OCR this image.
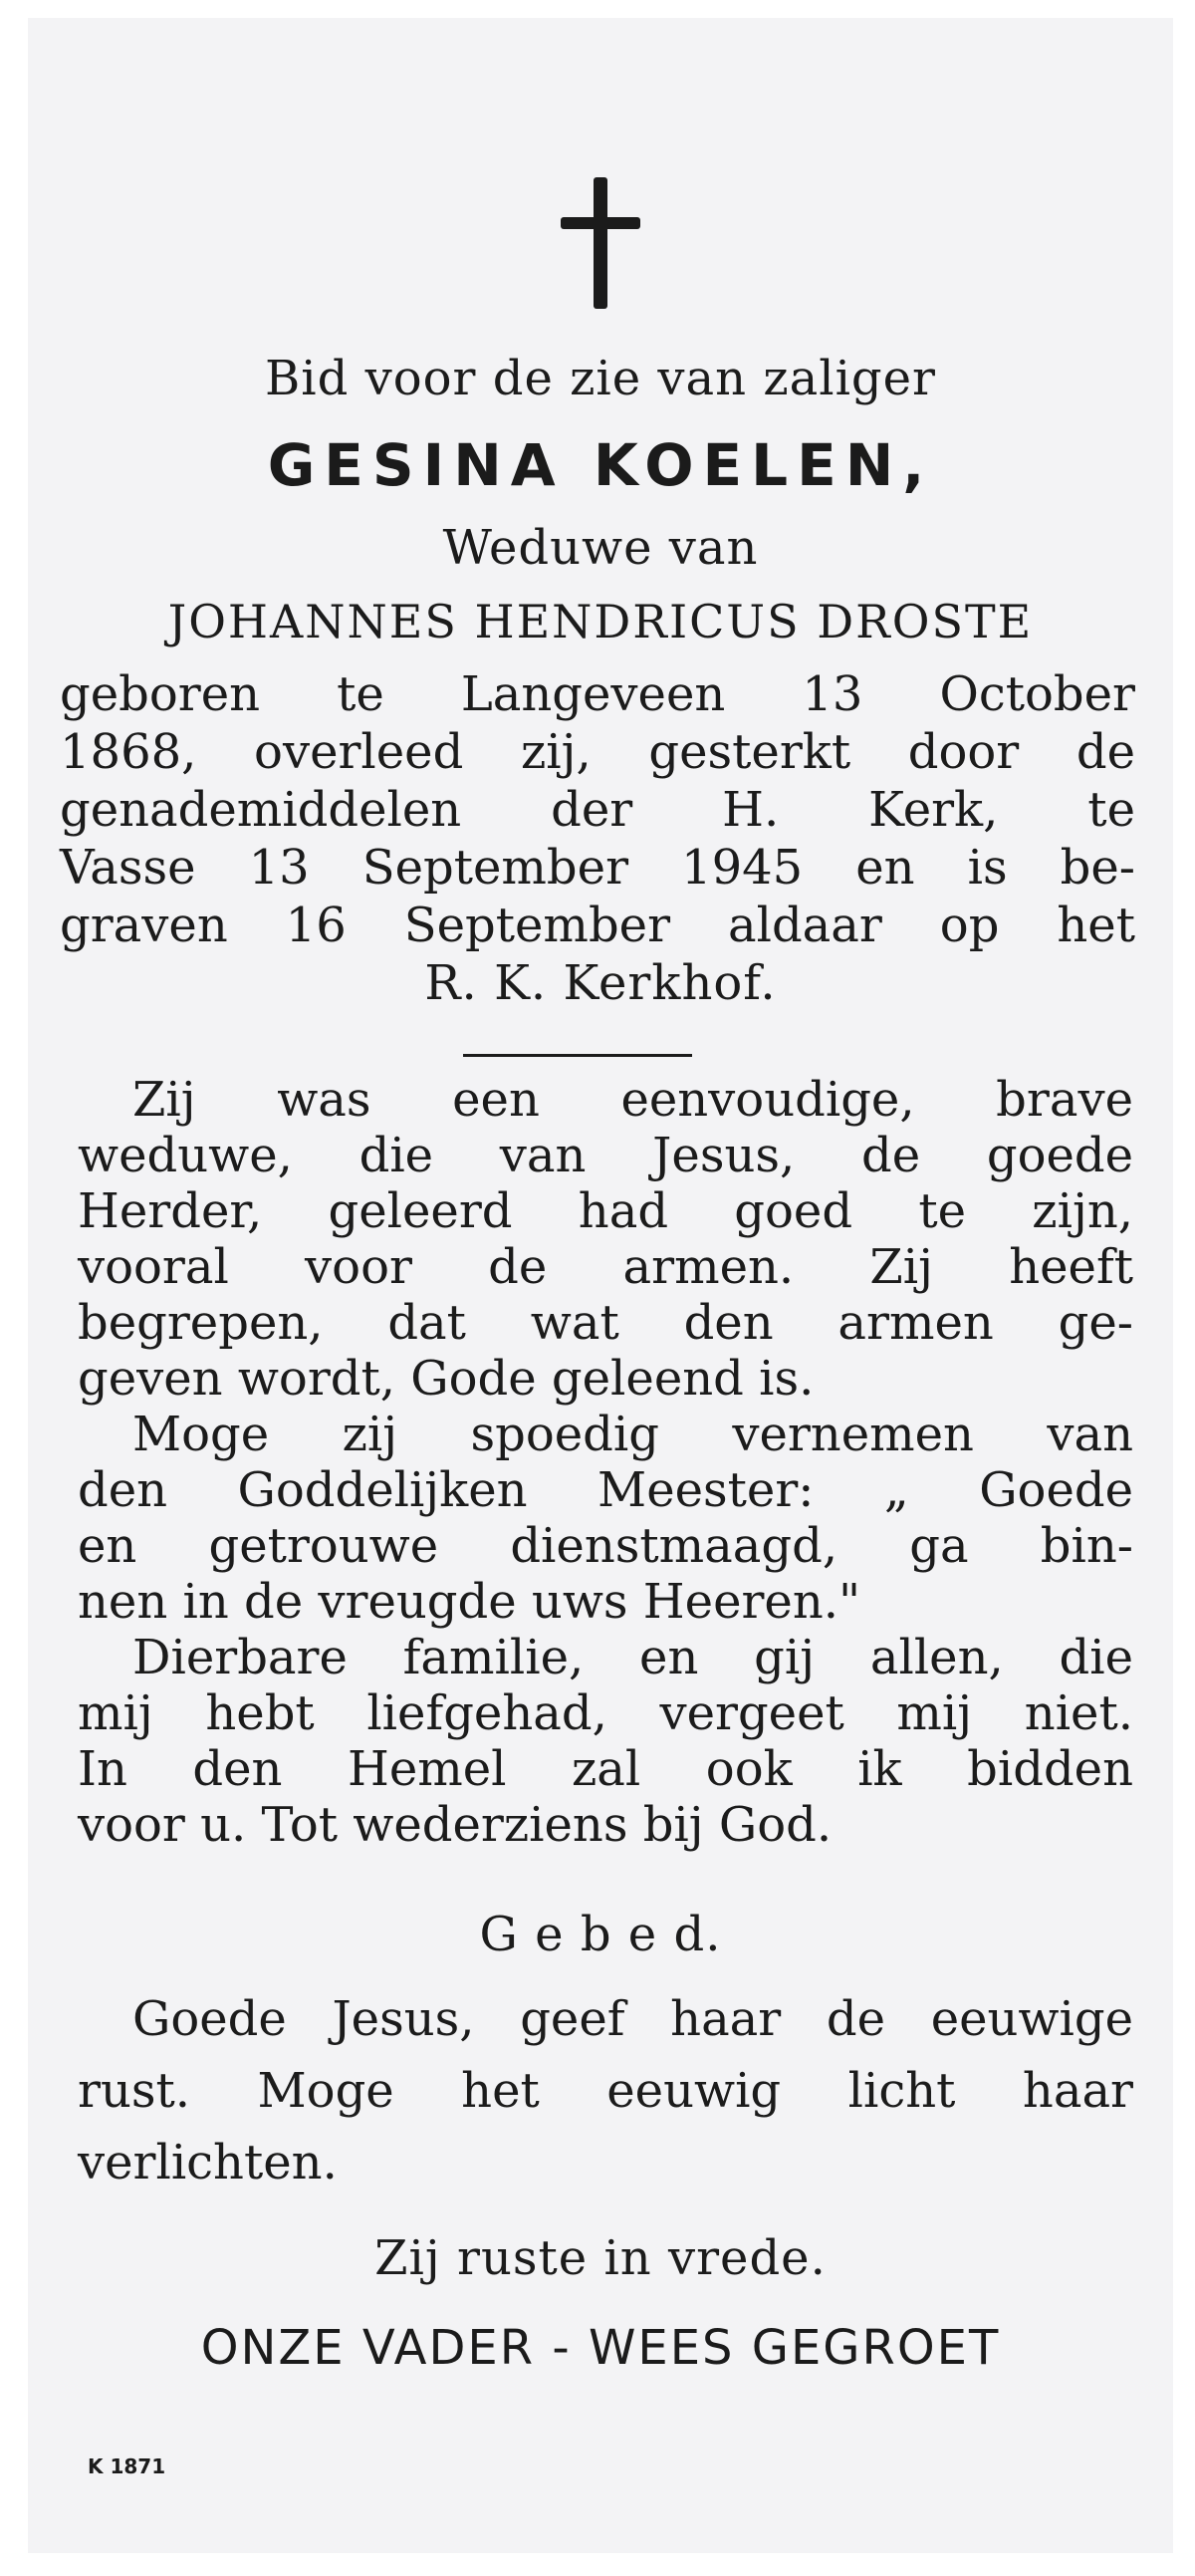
Bid voor de zie van zaliger
GESINA KOELEN,
Weduwe van
JOHANNES HENDRICUS DROSTE
geboren te Langeveen 13 October
1868, overleed zij, gesterkt door de
genademiddelen der H. Kerk, te
Vasse 13 September 1945 en is be-
graven 16 September aldaar op het
R. K. Kerkhof.
Zij was een eenvoudige, brave
weduwe, die van Jesus, de goede
Herder, geleerd had goed te zijn,
vooral voor de armen. Zij heeft
begrepen, dat wat den armen ge-
geven wordt, Gode geleend is.
Moge zij spoedig vernemen van
den Goddelijken Meester: „ Goede
en getrouwe dienstmaagd, ga bin-
nen in de vreugde uws Heeren."
Dierbare familie, en gij allen, die
mij hebt liefgehad, vergeet mij niet.
In den Hemel zal ook ik bidden
voor u. Tot wederziens bij God.
G e b e d.
Goede Jesus, geef haar de eeuwige
rust. Moge het eeuwig licht haar
verlichten.
Zij ruste in vrede.
ONZE VADER - WEES GEGROET
K 1871
